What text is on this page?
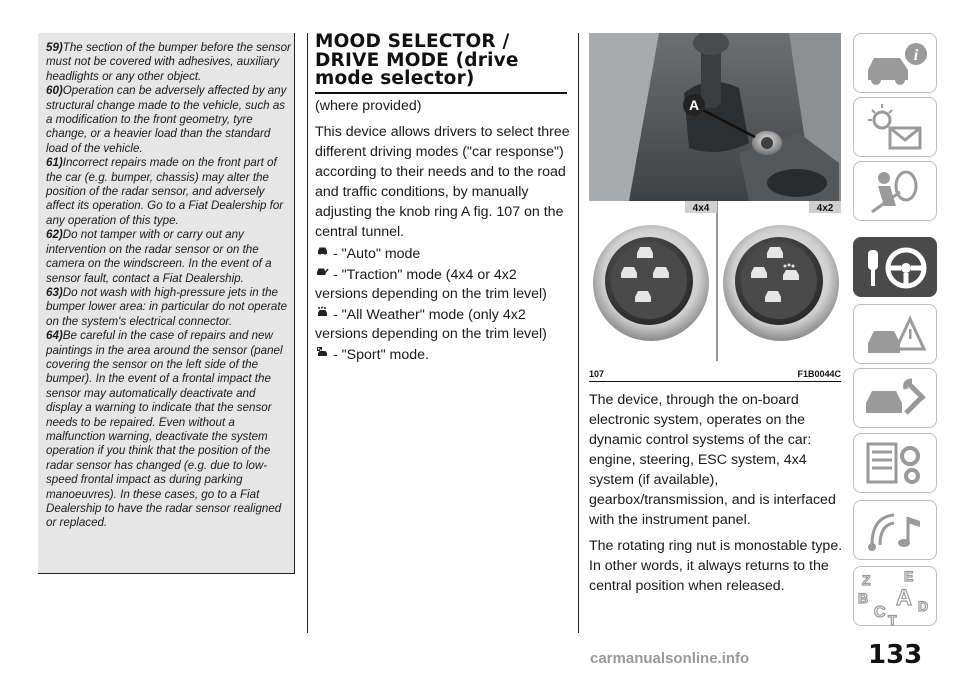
59)The section of the bumper before the sensor must not be covered with adhesives, auxiliary headlights or any other object.

60)Operation can be adversely affected by any structural change made to the vehicle, such as a modification to the front geometry, tyre change, or a heavier load than the standard load of the vehicle.

61)Incorrect repairs made on the front part of the car (e.g. bumper, chassis) may alter the position of the radar sensor, and adversely affect its operation. Go to a Fiat Dealership for any operation of this type.

62)Do not tamper with or carry out any intervention on the radar sensor or on the camera on the windscreen. In the event of a sensor fault, contact a Fiat Dealership.

63)Do not wash with high-pressure jets in the bumper lower area: in particular do not operate on the system's electrical connector.

64)Be careful in the case of repairs and new paintings in the area around the sensor (panel covering the sensor on the left side of the bumper). In the event of a frontal impact the sensor may automatically deactivate and display a warning to indicate that the sensor needs to be repaired. Even without a malfunction warning, deactivate the system operation if you think that the position of the radar sensor has changed (e.g. due to low-speed frontal impact as during parking manoeuvres). In these cases, go to a Fiat Dealership to have the radar sensor realigned or replaced.

MOOD SELECTOR /
DRIVE MODE (drive
mode selector)
(where provided)

This device allows drivers to select three different driving modes ("car response") according to their needs and to the road and traffic conditions, by manually adjusting the knob ring A fig. 107 on the central tunnel.

- "Auto" mode
- "Traction" mode (4x4 or 4x2 versions depending on the trim level)
- "All Weather" mode (only 4x2 versions depending on the trim level)
- "Sport" mode.
A
4x4	4x2
107	F1B0044C

The device, through the on-board electronic system, operates on the dynamic control systems of the car: engine, steering, ESC system, 4x4 system (if available), gearbox/transmission, and is interfaced with the instrument panel.

The rotating ring nut is monostable type. In other words, it always returns to the central position when released.

i
Z E
B A
C D
T
133
carmanualsonline.info
